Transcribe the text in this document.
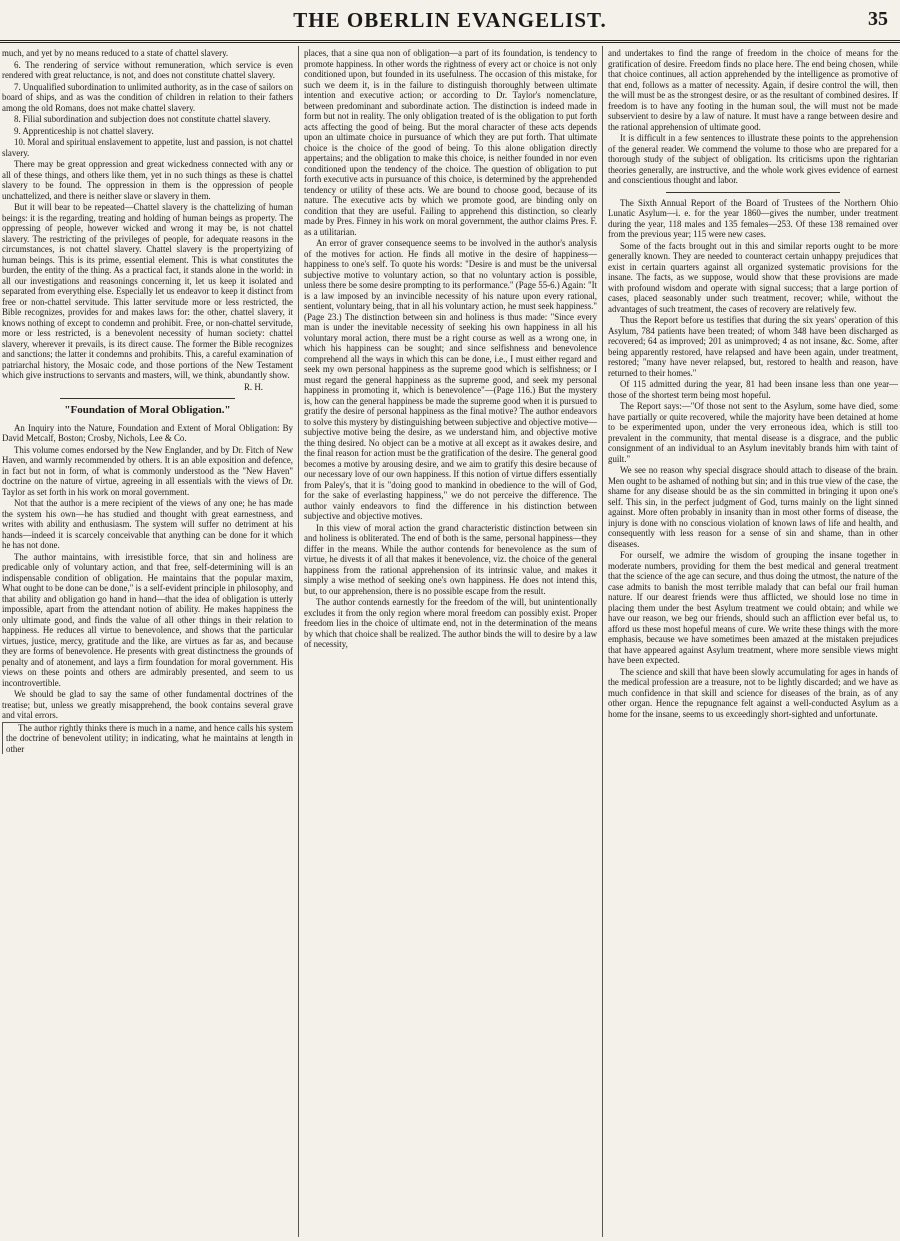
THE OBERLIN EVANGELIST.	35

much, and yet by no means reduced to a state of chattel slavery.

6. The rendering of service without remuneration, which service is even rendered with great reluctance, is not, and does not constitute chattel slavery.

7. Unqualified subordination to unlimited authority, as in the case of sailors on board of ships, and as was the condition of children in relation to their fathers among the old Romans, does not make chattel slavery.

8. Filial subordination and subjection does not constitute chattel slavery.

9. Apprenticeship is not chattel slavery.

10. Moral and spiritual enslavement to appetite, lust and passion, is not chattel slavery.

There may be great oppression and great wickedness connected with any or all of these things, and others like them, yet in no such things as these is chattel slavery to be found. The oppression in them is the oppression of people unchattelized, and there is neither slave or slavery in them.

But it will bear to be repeated—Chattel slavery is the chattelizing of human beings: it is the regarding, treating and holding of human beings as property. The oppressing of people, however wicked and wrong it may be, is not chattel slavery. The restricting of the privileges of people, for adequate reasons in the circumstances, is not chattel slavery. Chattel slavery is the propertyizing of human beings. This is its prime, essential element. This is what constitutes the burden, the entity of the thing. As a practical fact, it stands alone in the world: in all our investigations and reasonings concerning it, let us keep it isolated and separated from everything else. Especially let us endeavor to keep it distinct from free or non-chattel servitude. This latter servitude more or less restricted, the Bible recognizes, provides for and makes laws for: the other, chattel slavery, it knows nothing of except to condemn and prohibit. Free, or non-chattel servitude, more or less restricted, is a benevolent necessity of human society: chattel slavery, wherever it prevails, is its direct cause. The former the Bible recognizes and sanctions; the latter it condemns and prohibits. This, a careful examination of patriarchal history, the Mosaic code, and those portions of the New Testament which give instructions to servants and masters, will, we think, abundantly show.

R. H.

"Foundation of Moral Obligation."

An Inquiry into the Nature, Foundation and Extent of Moral Obligation: By David Metcalf, Boston; Crosby, Nichols, Lee & Co.

This volume comes endorsed by the New Englander, and by Dr. Fitch of New Haven, and warmly recommended by others. It is an able exposition and defence, in fact but not in form, of what is commonly understood as the "New Haven" doctrine on the nature of virtue, agreeing in all essentials with the views of Dr. Taylor as set forth in his work on moral government.

Not that the author is a mere recipient of the views of any one; he has made the system his own—he has studied and thought with great earnestness, and writes with ability and enthusiasm. The system will suffer no detriment at his hands—indeed it is scarcely conceivable that anything can be done for it which he has not done.

The author maintains, with irresistible force, that sin and holiness are predicable only of voluntary action, and that free, self-determining will is an indispensable condition of obligation. He maintains that the popular maxim, What ought to be done can be done," is a self-evident principle in philosophy, and that ability and obligation go hand in hand—that the idea of obligation is utterly impossible, apart from the attendant notion of ability. He makes happiness the only ultimate good, and finds the value of all other things in their relation to happiness. He reduces all virtue to benevolence, and shows that the particular virtues, justice, mercy, gratitude and the like, are virtues as far as, and because they are forms of benevolence. He presents with great distinctness the grounds of penalty and of atonement, and lays a firm foundation for moral government. His views on these points and others are admirably presented, and seem to us incontrovertible.

We should be glad to say the same of other fundamental doctrines of the treatise; but, unless we greatly misapprehend, the book contains several grave and vital errors.

The author rightly thinks there is much in a name, and hence calls his system the doctrine of benevolent utility; in indicating, what he maintains at length in other

places, that a sine qua non of obligation—a part of its foundation, is tendency to promote happiness. In other words the rightness of every act or choice is not only conditioned upon, but founded in its usefulness. The occasion of this mistake, for such we deem it, is in the failure to distinguish thoroughly between ultimate intention and executive action; or according to Dr. Taylor's nomenclature, between predominant and subordinate action. The distinction is indeed made in form but not in reality. The only obligation treated of is the obligation to put forth acts affecting the good of being. But the moral character of these acts depends upon an ultimate choice in pursuance of which they are put forth. That ultimate choice is the choice of the good of being. To this alone obligation directly appertains; and the obligation to make this choice, is neither founded in nor even conditioned upon the tendency of the choice. The question of obligation to put forth executive acts in pursuance of this choice, is determined by the apprehended tendency or utility of these acts. We are bound to choose good, because of its nature. The executive acts by which we promote good, are binding only on condition that they are useful. Failing to apprehend this distinction, so clearly made by Pres. Finney in his work on moral government, the author claims Pres. F. as a utilitarian.

An error of graver consequence seems to be involved in the author's analysis of the motives for action. He finds all motive in the desire of happiness—happiness to one's self. To quote his words: "Desire is and must be the universal subjective motive to voluntary action, so that no voluntary action is possible, unless there be some desire prompting to its performance." (Page 55-6.) Again: "It is a law imposed by an invincible necessity of his nature upon every rational, sentient, voluntary being, that in all his voluntary action, he must seek happiness." (Page 23.) The distinction between sin and holiness is thus made: "Since every man is under the inevitable necessity of seeking his own happiness in all his voluntary moral action, there must be a right course as well as a wrong one, in which his happiness can be sought; and since selfishness and benevolence comprehend all the ways in which this can be done, i.e., I must either regard and seek my own personal happiness as the supreme good which is selfishness; or I must regard the general happiness as the supreme good, and seek my personal happiness in promoting it, which is benevolence"—(Page 116.) But the mystery is, how can the general happiness be made the supreme good when it is pursued to gratify the desire of personal happiness as the final motive? The author endeavors to solve this mystery by distinguishing between subjective and objective motive—subjective motive being the desire, as we understand him, and objective motive the thing desired. No object can be a motive at all except as it awakes desire, and the final reason for action must be the gratification of the desire. The general good becomes a motive by arousing desire, and we aim to gratify this desire because of our necessary love of our own happiness. If this notion of virtue differs essentially from Paley's, that it is "doing good to mankind in obedience to the will of God, for the sake of everlasting happiness," we do not perceive the difference. The author vainly endeavors to find the difference in his distinction between subjective and objective motives.

In this view of moral action the grand characteristic distinction between sin and holiness is obliterated. The end of both is the same, personal happiness—they differ in the means. While the author contends for benevolence as the sum of virtue, he divests it of all that makes it benevolence, viz. the choice of the general happiness from the rational apprehension of its intrinsic value, and makes it simply a wise method of seeking one's own happiness. He does not intend this, but, to our apprehension, there is no possible escape from the result.

The author contends earnestly for the freedom of the will, but unintentionally excludes it from the only region where moral freedom can possibly exist. Proper freedom lies in the choice of ultimate end, not in the determination of the means by which that choice shall be realized. The author binds the will to desire by a law of necessity,

and undertakes to find the range of freedom in the choice of means for the gratification of desire. Freedom finds no place here. The end being chosen, while that choice continues, all action apprehended by the intelligence as promotive of that end, follows as a matter of necessity. Again, if desire control the will, then the will must be as the strongest desire, or as the resultant of combined desires. If freedom is to have any footing in the human soul, the will must not be made subservient to desire by a law of nature. It must have a range between desire and the rational apprehension of ultimate good.

It is difficult in a few sentences to illustrate these points to the apprehension of the general reader. We commend the volume to those who are prepared for a thorough study of the subject of obligation. Its criticisms upon the rightarian theories generally, are instructive, and the whole work gives evidence of earnest and conscientious thought and labor.

The Sixth Annual Report of the Board of Trustees of the Northern Ohio Lunatic Asylum—i. e. for the year 1860—gives the number, under treatment during the year, 118 males and 135 females—253. Of these 138 remained over from the previous year; 115 were new cases.

Some of the facts brought out in this and similar reports ought to be more generally known. They are needed to counteract certain unhappy prejudices that exist in certain quarters against all organized systematic provisions for the insane. The facts, as we suppose, would show that these provisions are made with profound wisdom and operate with signal success; that a large portion of cases, placed seasonably under such treatment, recover; while, without the advantages of such treatment, the cases of recovery are relatively few.

Thus the Report before us testifies that during the six years' operation of this Asylum, 784 patients have been treated; of whom 348 have been discharged as recovered; 64 as improved; 201 as unimproved; 4 as not insane, &c. Some, after being apparently restored, have relapsed and have been again, under treatment, restored; "many have never relapsed, but, restored to health and reason, have returned to their homes."

Of 115 admitted during the year, 81 had been insane less than one year—those of the shortest term being most hopeful.

The Report says:—"Of those not sent to the Asylum, some have died, some have partially or quite recovered, while the majority have been detained at home to be experimented upon, under the very erroneous idea, which is still too prevalent in the community, that mental disease is a disgrace, and the public consignment of an individual to an Asylum inevitably brands him with taint of guilt."

We see no reason why special disgrace should attach to disease of the brain. Men ought to be ashamed of nothing but sin; and in this true view of the case, the shame for any disease should be as the sin committed in bringing it upon one's self. This sin, in the perfect judgment of God, turns mainly on the light sinned against. More often probably in insanity than in most other forms of disease, the injury is done with no conscious violation of known laws of life and health, and consequently with less reason for a sense of sin and shame, than in other diseases.

For ourself, we admire the wisdom of grouping the insane together in moderate numbers, providing for them the best medical and general treatment that the science of the age can secure, and thus doing the utmost, the nature of the case admits to banish the most terrible malady that can befal our frail human nature. If our dearest friends were thus afflicted, we should lose no time in placing them under the best Asylum treatment we could obtain; and while we have our reason, we beg our friends, should such an affliction ever befal us, to afford us these most hopeful means of cure. We write these things with the more emphasis, because we have sometimes been amazed at the mistaken prejudices that have appeared against Asylum treatment, where more sensible views might have been expected.

The science and skill that have been slowly accumulating for ages in hands of the medical profession are a treasure, not to be lightly discarded; and we have as much confidence in that skill and science for diseases of the brain, as of any other organ. Hence the repugnance felt against a well-conducted Asylum as a home for the insane, seems to us exceedingly short-sighted and unfortunate.
